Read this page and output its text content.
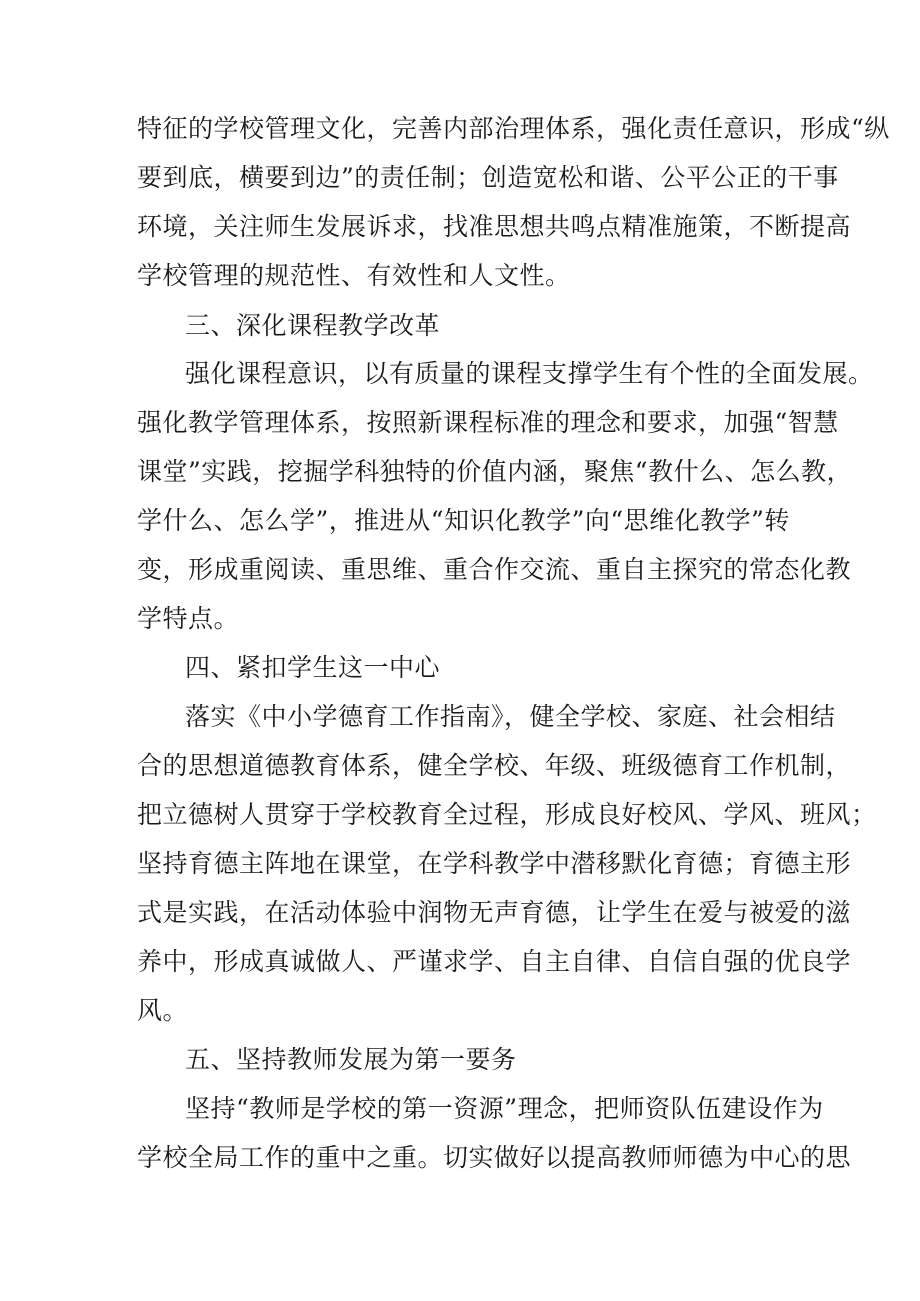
特征的学校管理文化，完善内部治理体系，强化责任意识，形成“纵
要到底，横要到边”的责任制；创造宽松和谐、公平公正的干事
环境，关注师生发展诉求，找准思想共鸣点精准施策，不断提高
学校管理的规范性、有效性和人文性。
三、深化课程教学改革
强化课程意识，以有质量的课程支撑学生有个性的全面发展。
强化教学管理体系，按照新课程标准的理念和要求，加强“智慧
课堂”实践，挖掘学科独特的价值内涵，聚焦“教什么、怎么教，
学什么、怎么学”，推进从“知识化教学”向“思维化教学”转
变，形成重阅读、重思维、重合作交流、重自主探究的常态化教
学特点。
四、紧扣学生这一中心
落实《中小学德育工作指南》，健全学校、家庭、社会相结
合的思想道德教育体系，健全学校、年级、班级德育工作机制，
把立德树人贯穿于学校教育全过程，形成良好校风、学风、班风；
坚持育德主阵地在课堂，在学科教学中潜移默化育德；育德主形
式是实践，在活动体验中润物无声育德，让学生在爱与被爱的滋
养中，形成真诚做人、严谨求学、自主自律、自信自强的优良学
风。
五、坚持教师发展为第一要务
坚持“教师是学校的第一资源”理念，把师资队伍建设作为
学校全局工作的重中之重。切实做好以提高教师师德为中心的思
